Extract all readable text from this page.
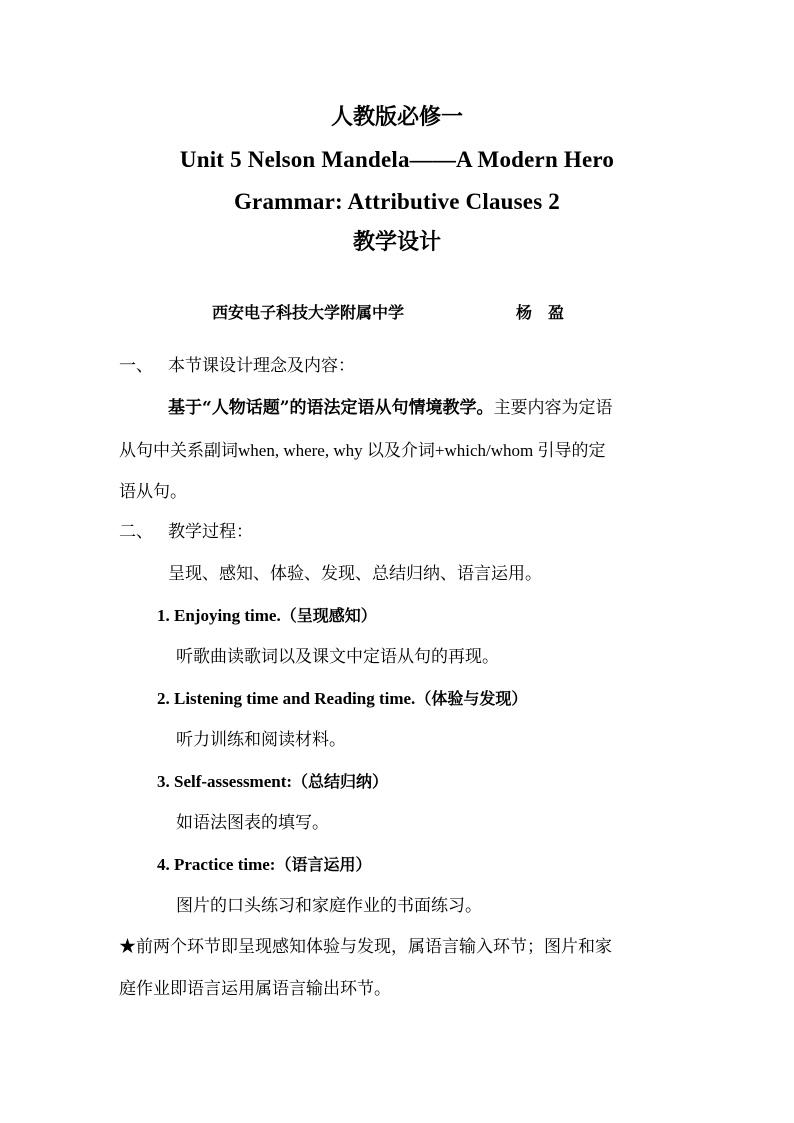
人教版必修一
Unit 5 Nelson Mandela——A Modern Hero
Grammar: Attributive Clauses 2
教学设计
西安电子科技大学附属中学	杨　盈
一、 本节课设计理念及内容：
基于“人物话题”的语法定语从句情境教学。主要内容为定语
从句中关系副词when, where, why 以及介词+which/whom 引导的定
语从句。
二、 教学过程：
呈现、感知、体验、发现、总结归纳、语言运用。
1. Enjoying time.（呈现感知）
听歌曲读歌词以及课文中定语从句的再现。
2. Listening time and Reading time.（体验与发现）
听力训练和阅读材料。
3. Self-assessment:（总结归纳）
如语法图表的填写。
4. Practice time:（语言运用）
图片的口头练习和家庭作业的书面练习。
★前两个环节即呈现感知体验与发现，属语言输入环节；图片和家
庭作业即语言运用属语言输出环节。
